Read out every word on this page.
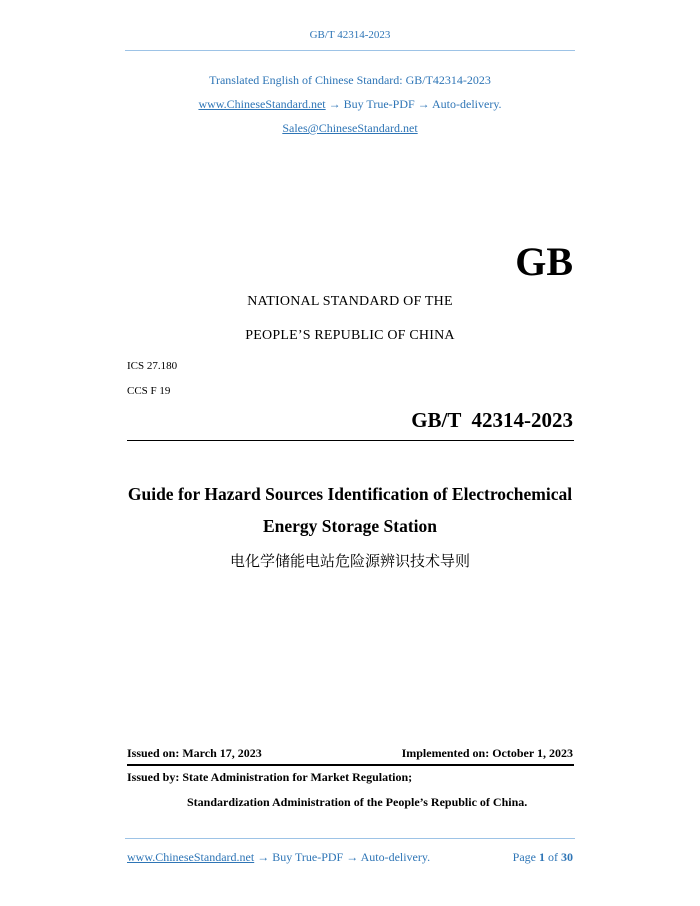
GB/T 42314-2023
Translated English of Chinese Standard: GB/T42314-2023
www.ChineseStandard.net → Buy True-PDF → Auto-delivery.
Sales@ChineseStandard.net
GB
NATIONAL STANDARD OF THE
PEOPLE’S REPUBLIC OF CHINA
ICS 27.180
CCS F 19
GB/T  42314-2023
Guide for Hazard Sources Identification of Electrochemical
Energy Storage Station
电化学储能电站危险源辨识技术导则
Issued on: March 17, 2023	Implemented on: October 1, 2023
Issued by: State Administration for Market Regulation;
Standardization Administration of the People’s Republic of China.
www.ChineseStandard.net → Buy True-PDF → Auto-delivery.	Page 1 of 30
